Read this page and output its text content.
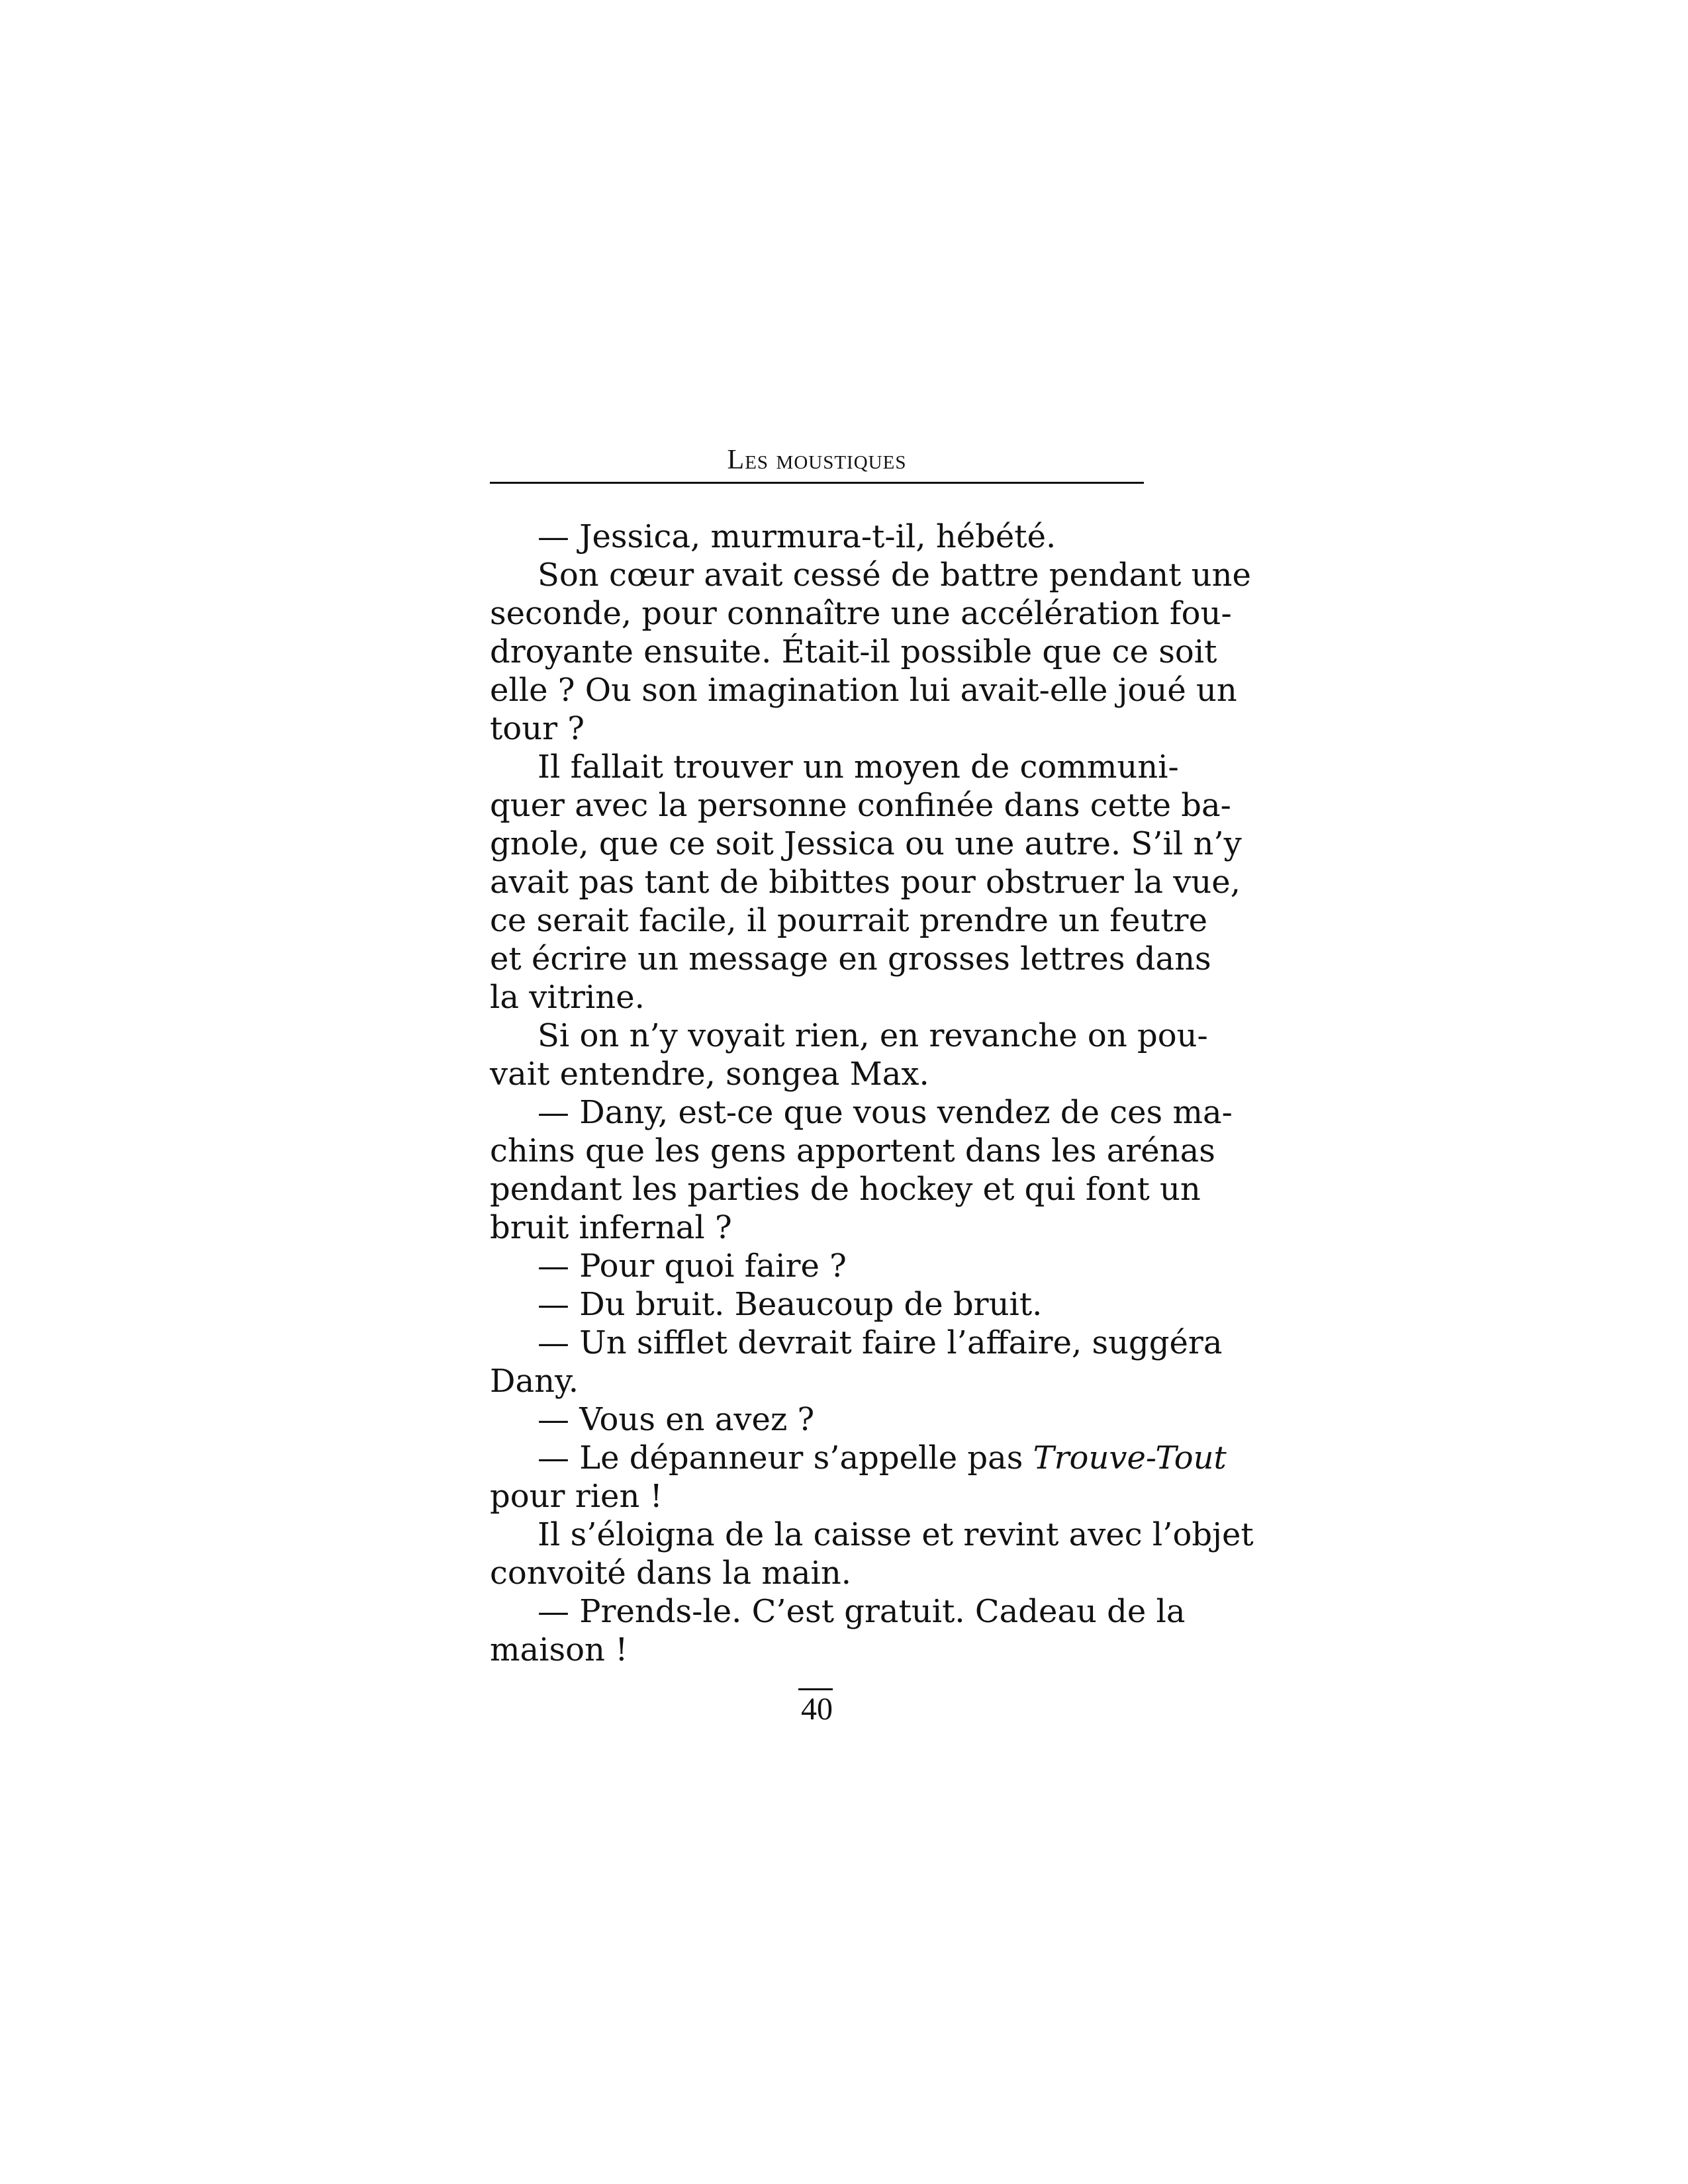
Les moustiques
— Jessica, murmura-t-il, hébété.
Son cœur avait cessé de battre pendant une
seconde, pour connaître une accélération fou-
droyante ensuite. Était-il possible que ce soit
elle ? Ou son imagination lui avait-elle joué un
tour ?
Il fallait trouver un moyen de communi-
quer avec la personne confinée dans cette ba-
gnole, que ce soit Jessica ou une autre. S’il n’y
avait pas tant de bibittes pour obstruer la vue,
ce serait facile, il pourrait prendre un feutre
et écrire un message en grosses lettres dans
la vitrine.
Si on n’y voyait rien, en revanche on pou-
vait entendre, songea Max.
— Dany, est-ce que vous vendez de ces ma-
chins que les gens apportent dans les arénas
pendant les parties de hockey et qui font un
bruit infernal ?
— Pour quoi faire ?
— Du bruit. Beaucoup de bruit.
— Un sifflet devrait faire l’affaire, suggéra
Dany.
— Vous en avez ?
— Le dépanneur s’appelle pas Trouve-Tout
pour rien !
Il s’éloigna de la caisse et revint avec l’objet
convoité dans la main.
— Prends-le. C’est gratuit. Cadeau de la
maison !
40
